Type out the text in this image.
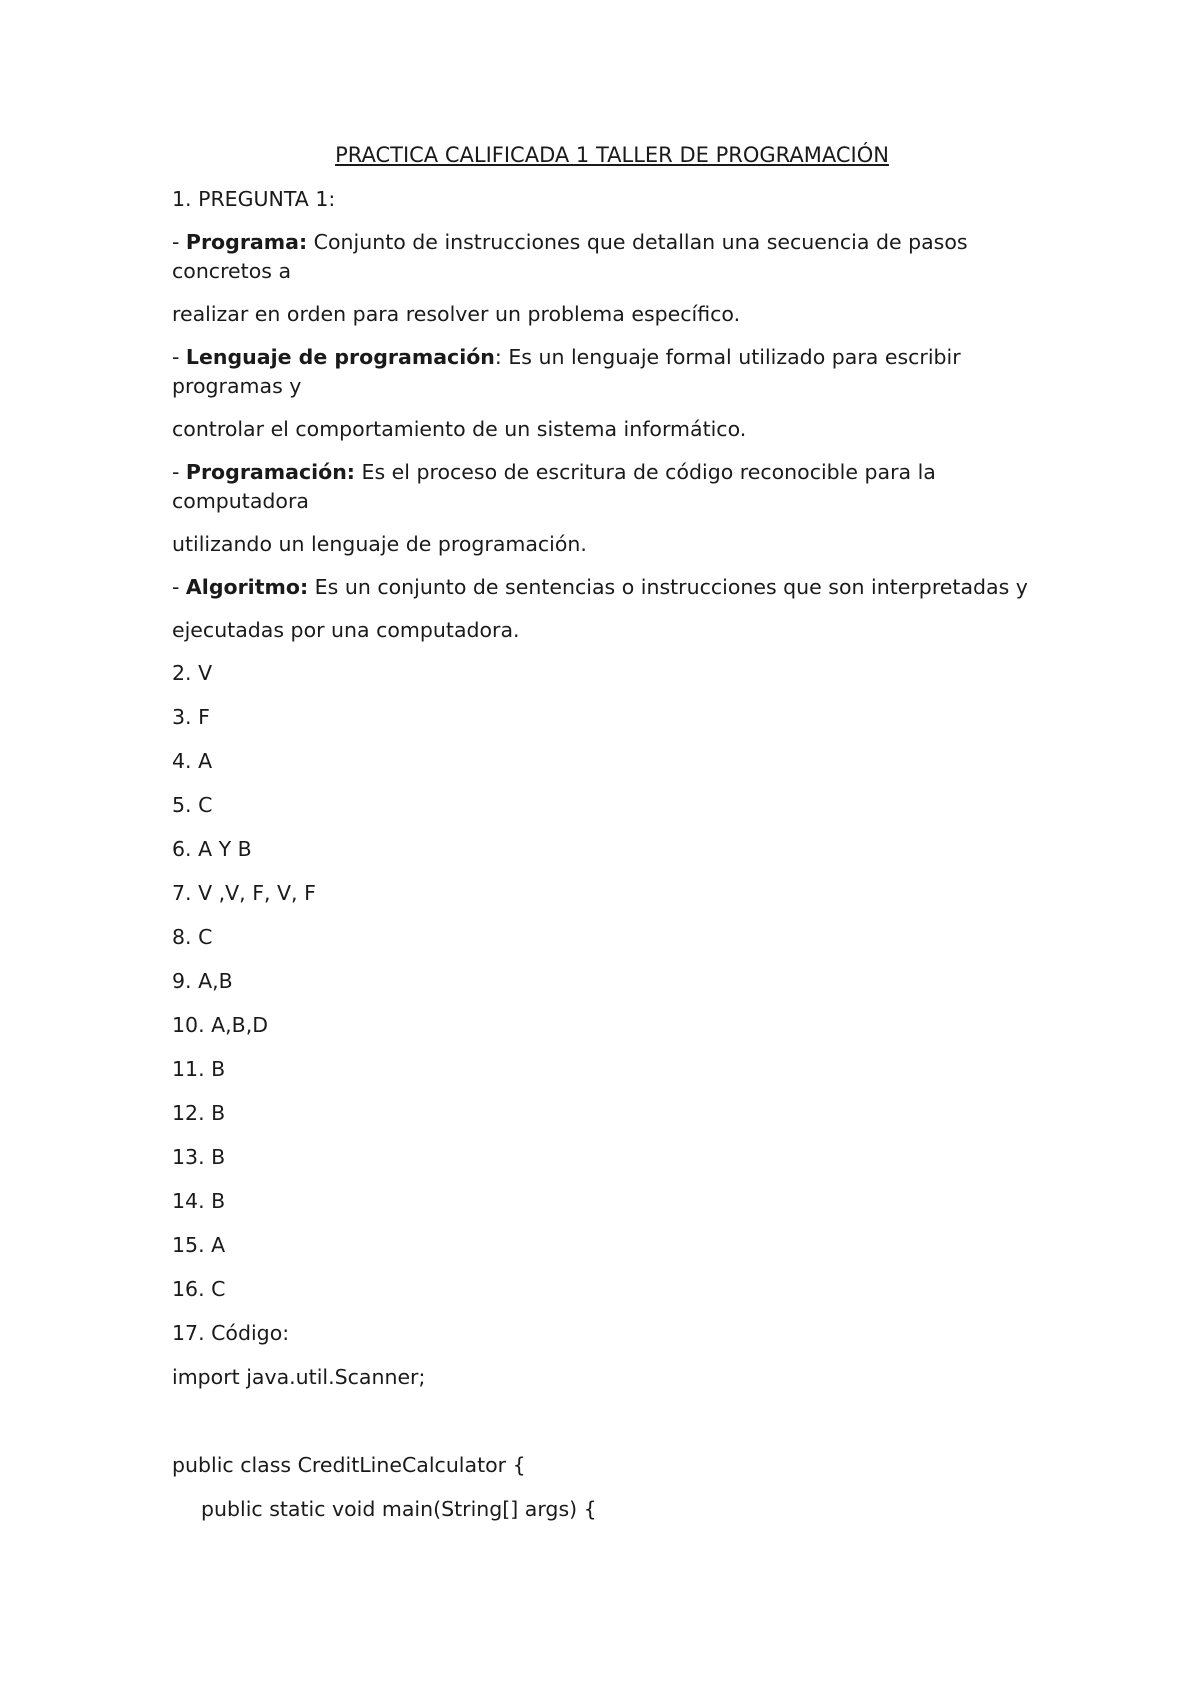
PRACTICA CALIFICADA 1 TALLER DE PROGRAMACIÓN
1. PREGUNTA 1:
- Programa: Conjunto de instrucciones que detallan una secuencia de pasos concretos a
realizar en orden para resolver un problema específico.
- Lenguaje de programación: Es un lenguaje formal utilizado para escribir programas y
controlar el comportamiento de un sistema informático.
- Programación: Es el proceso de escritura de código reconocible para la computadora
utilizando un lenguaje de programación.
- Algoritmo: Es un conjunto de sentencias o instrucciones que son interpretadas y
ejecutadas por una computadora.
2. V
3. F
4. A
5. C
6. A Y B
7. V ,V, F, V, F
8. C
9. A,B
10. A,B,D
11. B
12. B
13. B
14. B
15. A
16. C
17. Código:
import java.util.Scanner;
public class CreditLineCalculator {
public static void main(String[] args) {
